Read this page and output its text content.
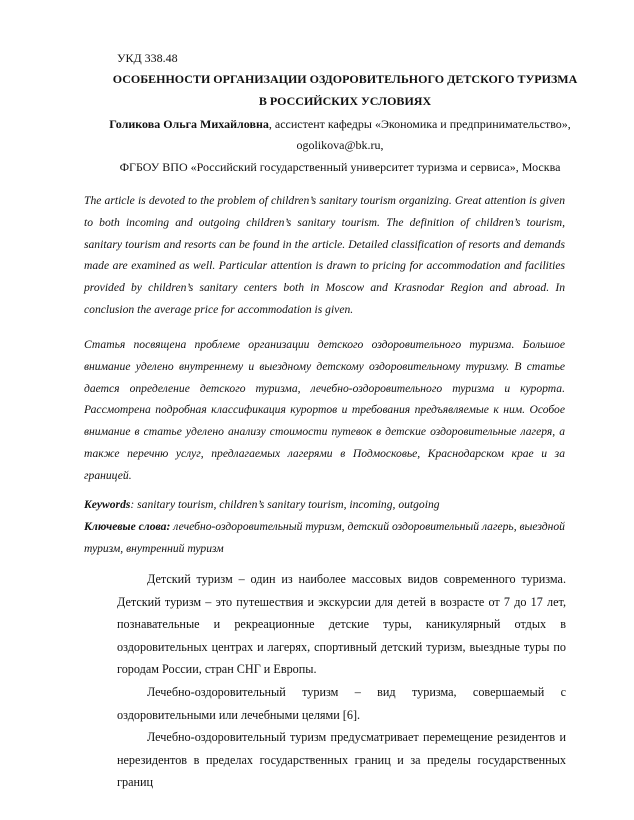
УКД 338.48
ОСОБЕННОСТИ ОРГАНИЗАЦИИ ОЗДОРОВИТЕЛЬНОГО ДЕТСКОГО ТУРИЗМА
В РОССИЙСКИХ УСЛОВИЯХ
Голикова Ольга Михайловна, ассистент кафедры «Экономика и предпринимательство»,
ogolikova@bk.ru,
ФГБОУ ВПО «Российский государственный университет туризма и сервиса», Москва
The article is devoted to the problem of children’s sanitary tourism organizing. Great attention is given to both incoming and outgoing children’s sanitary tourism. The definition of children’s tourism, sanitary tourism and resorts can be found in the article. Detailed classification of resorts and demands made are examined as well. Particular attention is drawn to pricing for accommodation and facilities provided by children’s sanitary centers both in Moscow and Krasnodar Region and abroad. In conclusion the average price for accommodation is given.
Статья посвящена проблеме организации детского оздоровительного туризма. Большое внимание уделено внутреннему и выездному детскому оздоровительному туризму. В статье дается определение детского туризма, лечебно-оздоровительного туризма и курорта. Рассмотрена подробная классификация курортов и требования предъявляемые к ним. Особое внимание в статье уделено анализу стоимости путевок в детские оздоровительные лагеря, а также перечню услуг, предлагаемых лагерями в Подмосковье, Краснодарском крае и за границей.
Keywords: sanitary tourism, children’s sanitary tourism, incoming, outgoing
Ключевые слова: лечебно-оздоровительный туризм, детский оздоровительный лагерь, выездной туризм, внутренний туризм

Детский туризм – один из наиболее массовых видов современного туризма. Детский туризм – это путешествия и экскурсии для детей в возрасте от 7 до 17 лет, познавательные и рекреационные детские туры, каникулярный отдых в оздоровительных центрах и лагерях, спортивный детский туризм, выездные туры по городам России, стран СНГ и Европы.

Лечебно-оздоровительный туризм – вид туризма, совершаемый с оздоровительными или лечебными целями [6].

Лечебно-оздоровительный туризм предусматривает перемещение резидентов и нерезидентов в пределах государственных границ и за пределы государственных границ
